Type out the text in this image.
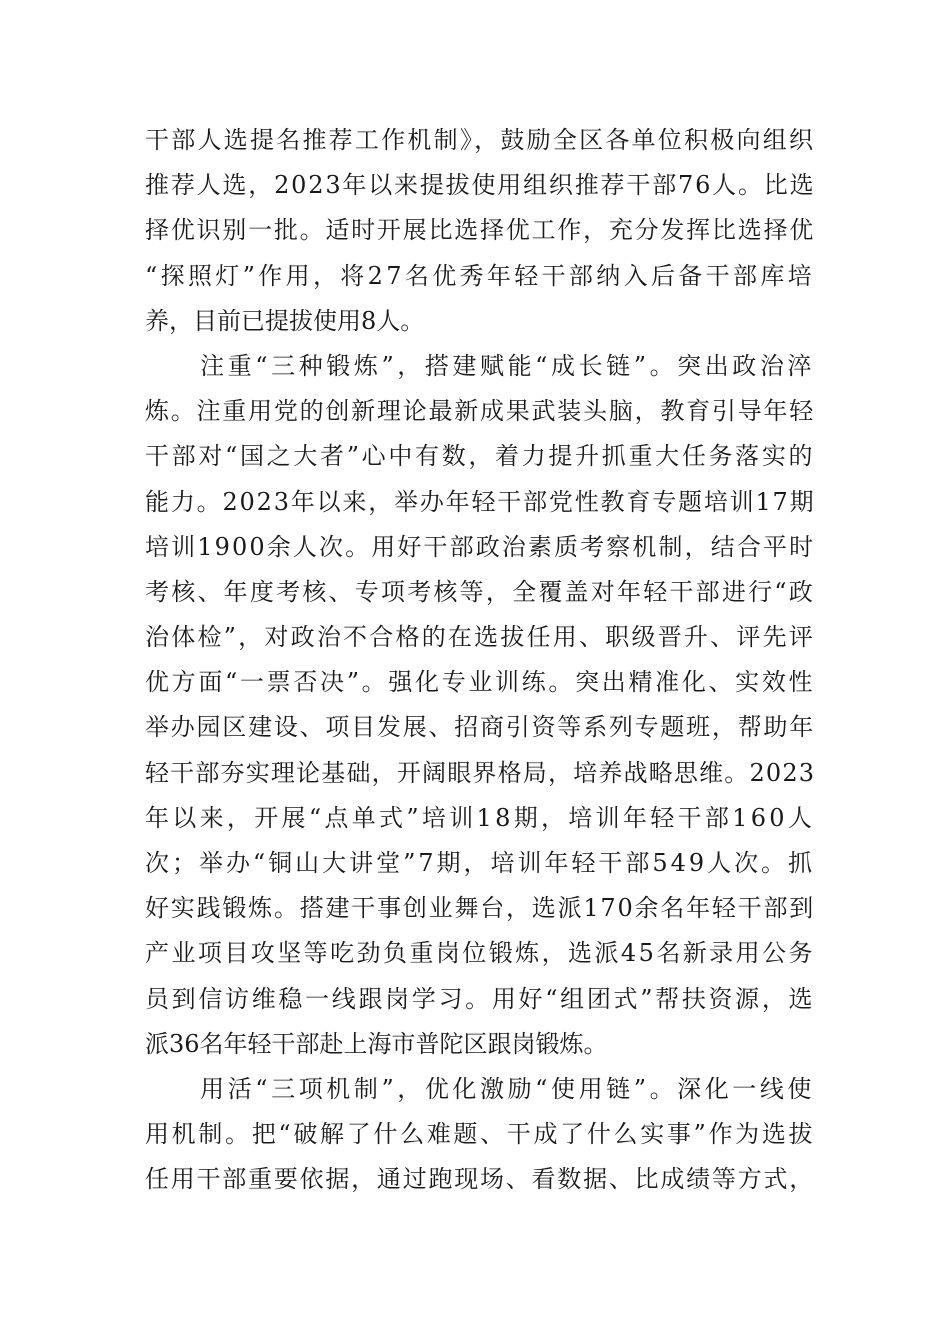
干部人选提名推荐工作机制》，鼓励全区各单位积极向组织
推荐人选，2023年以来提拔使用组织推荐干部76人。比选
择优识别一批。适时开展比选择优工作，充分发挥比选择优
“探照灯”作用，将27名优秀年轻干部纳入后备干部库培
养，目前已提拔使用8人。
　　注重“三种锻炼”，搭建赋能“成长链”。突出政治淬
炼。注重用党的创新理论最新成果武装头脑，教育引导年轻
干部对“国之大者”心中有数，着力提升抓重大任务落实的
能力。2023年以来，举办年轻干部党性教育专题培训17期
培训1900余人次。用好干部政治素质考察机制，结合平时
考核、年度考核、专项考核等，全覆盖对年轻干部进行“政
治体检”，对政治不合格的在选拔任用、职级晋升、评先评
优方面“一票否决”。强化专业训练。突出精准化、实效性
举办园区建设、项目发展、招商引资等系列专题班，帮助年
轻干部夯实理论基础，开阔眼界格局，培养战略思维。2023
年以来，开展“点单式”培训18期，培训年轻干部160人
次；举办“铜山大讲堂”7期，培训年轻干部549人次。抓
好实践锻炼。搭建干事创业舞台，选派170余名年轻干部到
产业项目攻坚等吃劲负重岗位锻炼，选派45名新录用公务
员到信访维稳一线跟岗学习。用好“组团式”帮扶资源，选
派36名年轻干部赴上海市普陀区跟岗锻炼。
　　用活“三项机制”，优化激励“使用链”。深化一线使
用机制。把“破解了什么难题、干成了什么实事”作为选拔
任用干部重要依据，通过跑现场、看数据、比成绩等方式，
